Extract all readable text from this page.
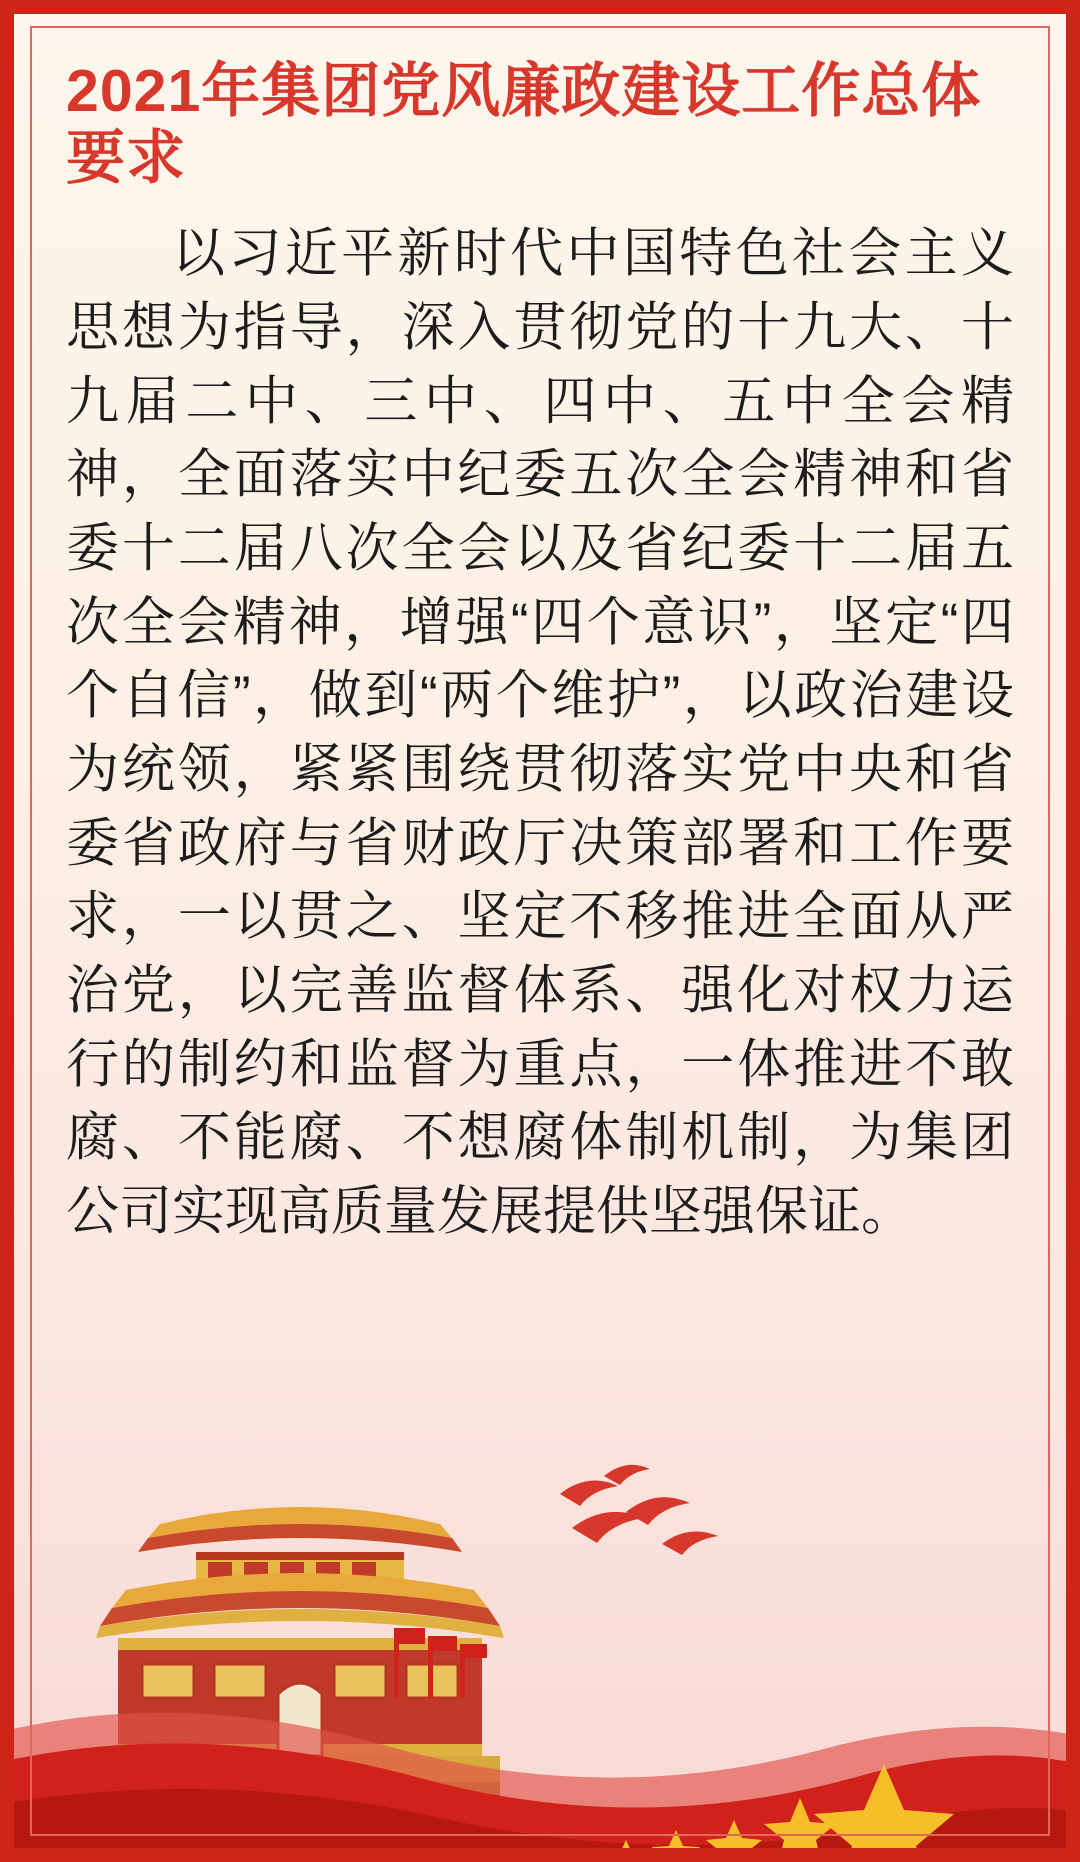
2021年集团党风廉政建设工作总体要求

以习近平新时代中国特色社会主义思想为指导，深入贯彻党的十九大、十九届二中、三中、四中、五中全会精神，全面落实中纪委五次全会精神和省委十二届八次全会以及省纪委十二届五次全会精神，增强“四个意识”，坚定“四个自信”，做到“两个维护”，以政治建设为统领，紧紧围绕贯彻落实党中央和省委省政府与省财政厅决策部署和工作要求，一以贯之、坚定不移推进全面从严治党，以完善监督体系、强化对权力运行的制约和监督为重点，一体推进不敢腐、不能腐、不想腐体制机制，为集团公司实现高质量发展提供坚强保证。
